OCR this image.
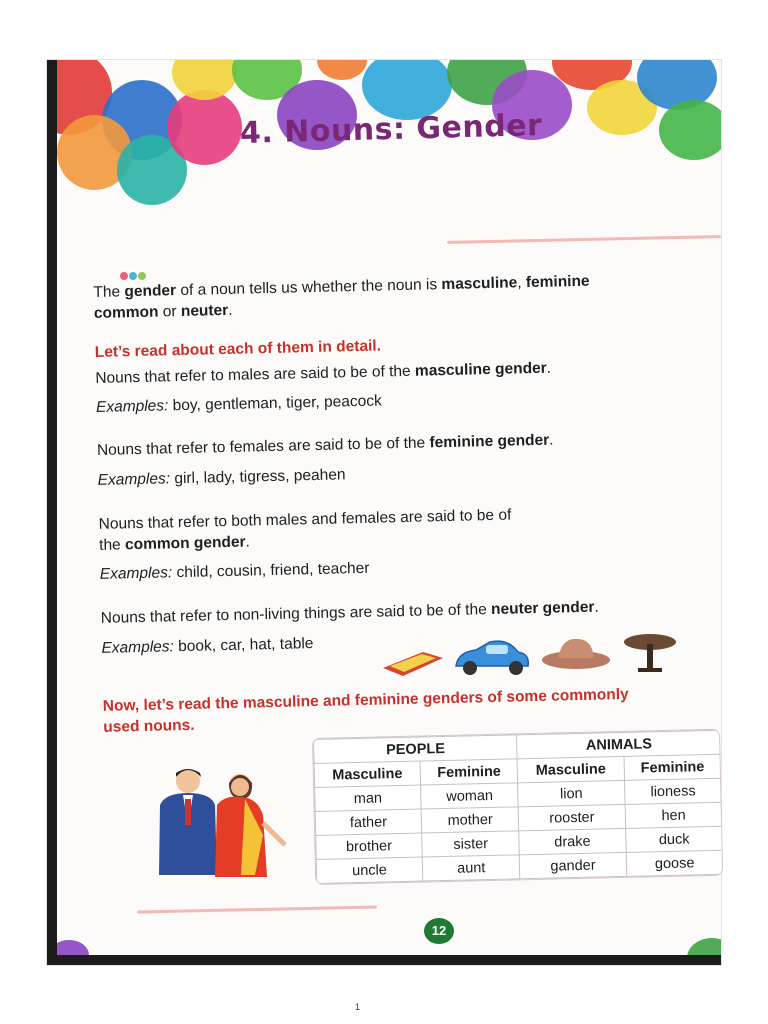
4. Nouns: Gender
The gender of a noun tells us whether the noun is masculine, feminine
common or neuter.
Let’s read about each of them in detail.
Nouns that refer to males are said to be of the masculine gender.
Examples: boy, gentleman, tiger, peacock
Nouns that refer to females are said to be of the feminine gender.
Examples: girl, lady, tigress, peahen
Nouns that refer to both males and females are said to be of
the common gender.
Examples: child, cousin, friend, teacher
Nouns that refer to non-living things are said to be of the neuter gender.
Examples: book, car, hat, table
Now, let’s read the masculine and feminine genders of some commonly
used nouns.
PEOPLE		ANIMALS	
Masculine	Feminine	Masculine	Feminine
man	woman	lion	lioness
father	mother	rooster	hen
brother	sister	drake	duck
uncle	aunt	gander	goose
12
1
